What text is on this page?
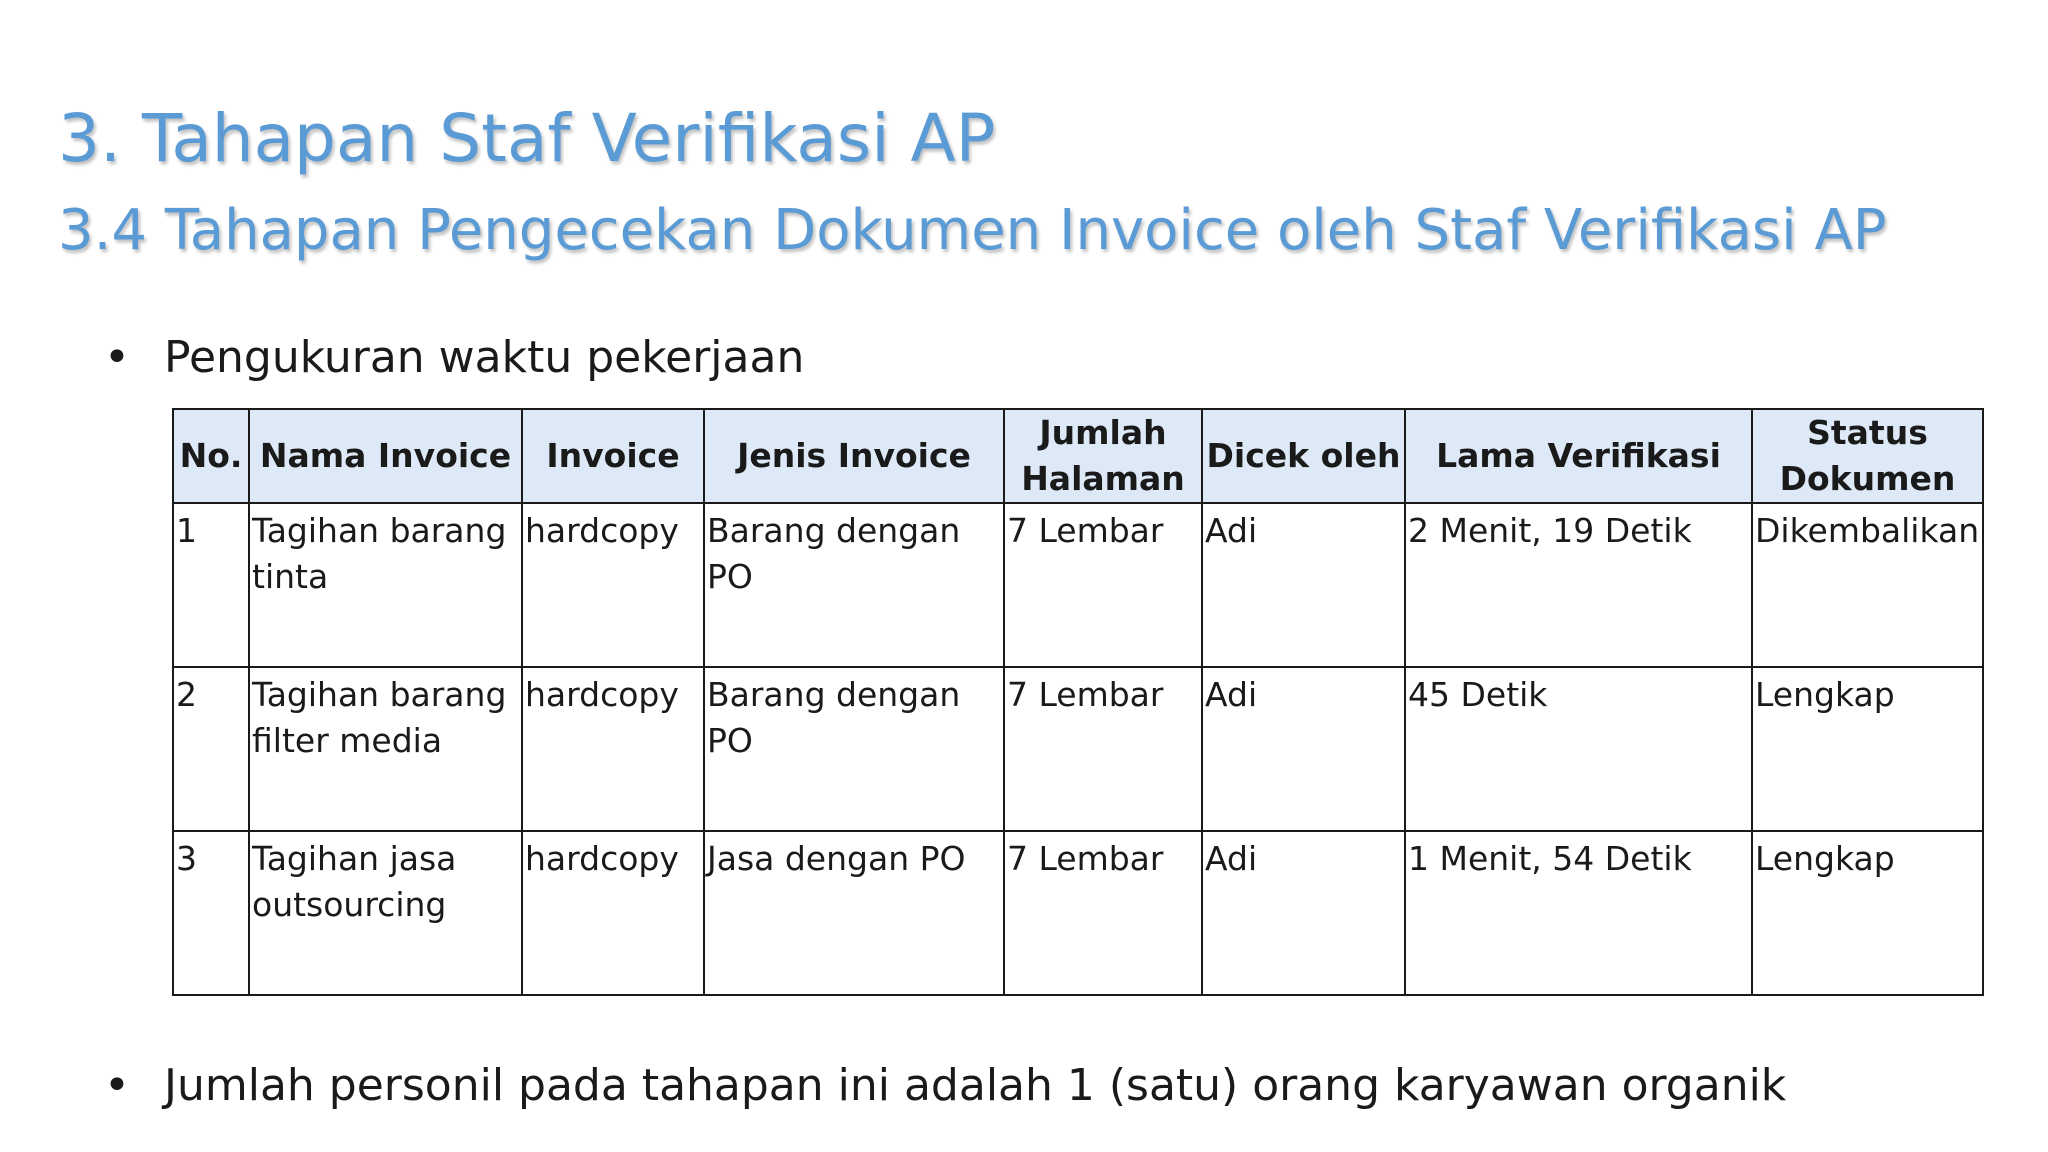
3. Tahapan Staf Verifikasi AP
3.4 Tahapan Pengecekan Dokumen Invoice oleh Staf Verifikasi AP
• Pengukuran waktu pekerjaan
No.	Nama Invoice	Invoice	Jenis Invoice	Jumlah Halaman	Dicek oleh	Lama Verifikasi	Status Dokumen
1	Tagihan barang tinta	hardcopy	Barang dengan PO	7 Lembar	Adi	2 Menit, 19 Detik	Dikembalikan
2	Tagihan barang filter media	hardcopy	Barang dengan PO	7 Lembar	Adi	45 Detik	Lengkap
3	Tagihan jasa outsourcing	hardcopy	Jasa dengan PO	7 Lembar	Adi	1 Menit, 54 Detik	Lengkap
• Jumlah personil pada tahapan ini adalah 1 (satu) orang karyawan organik
